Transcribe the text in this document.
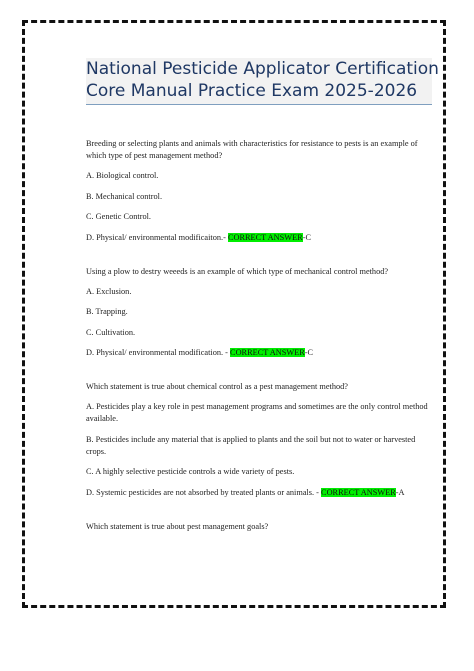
National Pesticide Applicator Certification
Core Manual Practice Exam 2025-2026

Breeding or selecting plants and animals with characteristics for resistance to pests is an example of which type of pest management method?

A. Biological control.

B. Mechanical control.

C. Genetic Control.

D. Physical/ environmental modificaiton.- CORRECT ANSWER-C

Using a plow to destry weeeds is an example of which type of mechanical control method?

A. Exclusion.

B. Trapping.

C. Cultivation.

D. Physical/ environmental modification. - CORRECT ANSWER-C

Which statement is true about chemical control as a pest management method?

A. Pesticides play a key role in pest management programs and sometimes are the only control method available.

B. Pesticides include any material that is applied to plants and the soil but not to water or harvested crops.

C. A highly selective pesticide controls a wide variety of pests.

D. Systemic pesticides are not absorbed by treated plants or animals. - CORRECT ANSWER-A

Which statement is true about pest management goals?
